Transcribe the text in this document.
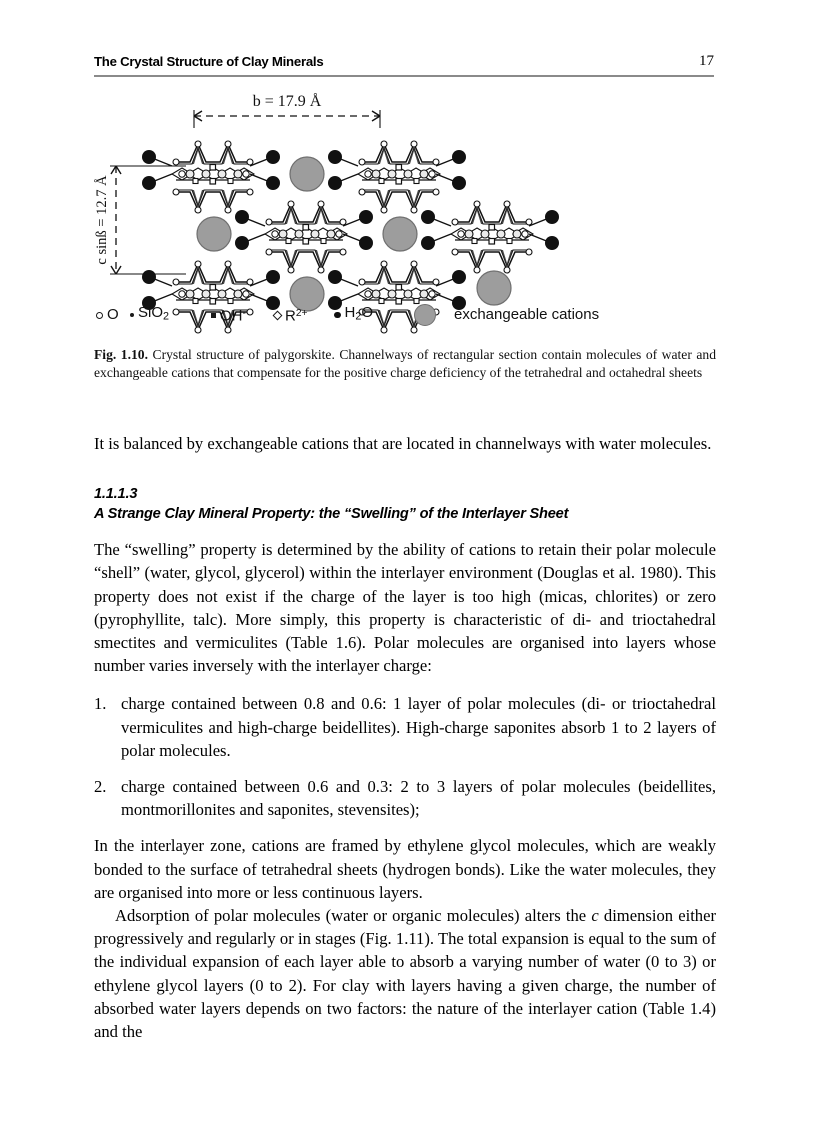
The Crystal Structure of Clay Minerals	17
b = 17.9 Å
c sinß = 12.7 Å
O SiO$_2$	OH-	$R^{2+}$ $H_2O$	exchangeable cations
Fig. 1.10. Crystal structure of palygorskite. Channelways of rectangular section contain molecules of water and exchangeable cations that compensate for the positive charge deficiency of the tetrahedral and octahedral sheets

It is balanced by exchangeable cations that are located in channelways with water molecules.

1.1.1.3
A Strange Clay Mineral Property: the “Swelling” of the Interlayer Sheet

The “swelling” property is determined by the ability of cations to retain their polar molecule “shell” (water, glycol, glycerol) within the interlayer environment (Douglas et al. 1980). This property does not exist if the charge of the layer is too high (micas, chlorites) or zero (pyrophyllite, talc). More simply, this property is characteristic of di- and trioctahedral smectites and vermiculites (Table 1.6). Polar molecules are organised into layers whose number varies inversely with the interlayer charge:

1. charge contained between 0.8 and 0.6: 1 layer of polar molecules (di- or trioctahedral vermiculites and high-charge beidellites). High-charge saponites absorb 1 to 2 layers of polar molecules.
2. charge contained between 0.6 and 0.3: 2 to 3 layers of polar molecules (beidellites, montmorillonites and saponites, stevensites);

In the interlayer zone, cations are framed by ethylene glycol molecules, which are weakly bonded to the surface of tetrahedral sheets (hydrogen bonds). Like the water molecules, they are organised into more or less continuous layers.

Adsorption of polar molecules (water or organic molecules) alters the c dimension either progressively and regularly or in stages (Fig. 1.11). The total expansion is equal to the sum of the individual expansion of each layer able to absorb a varying number of water (0 to 3) or ethylene glycol layers (0 to 2). For clay with layers having a given charge, the number of absorbed water layers depends on two factors: the nature of the interlayer cation (Table 1.4) and the
